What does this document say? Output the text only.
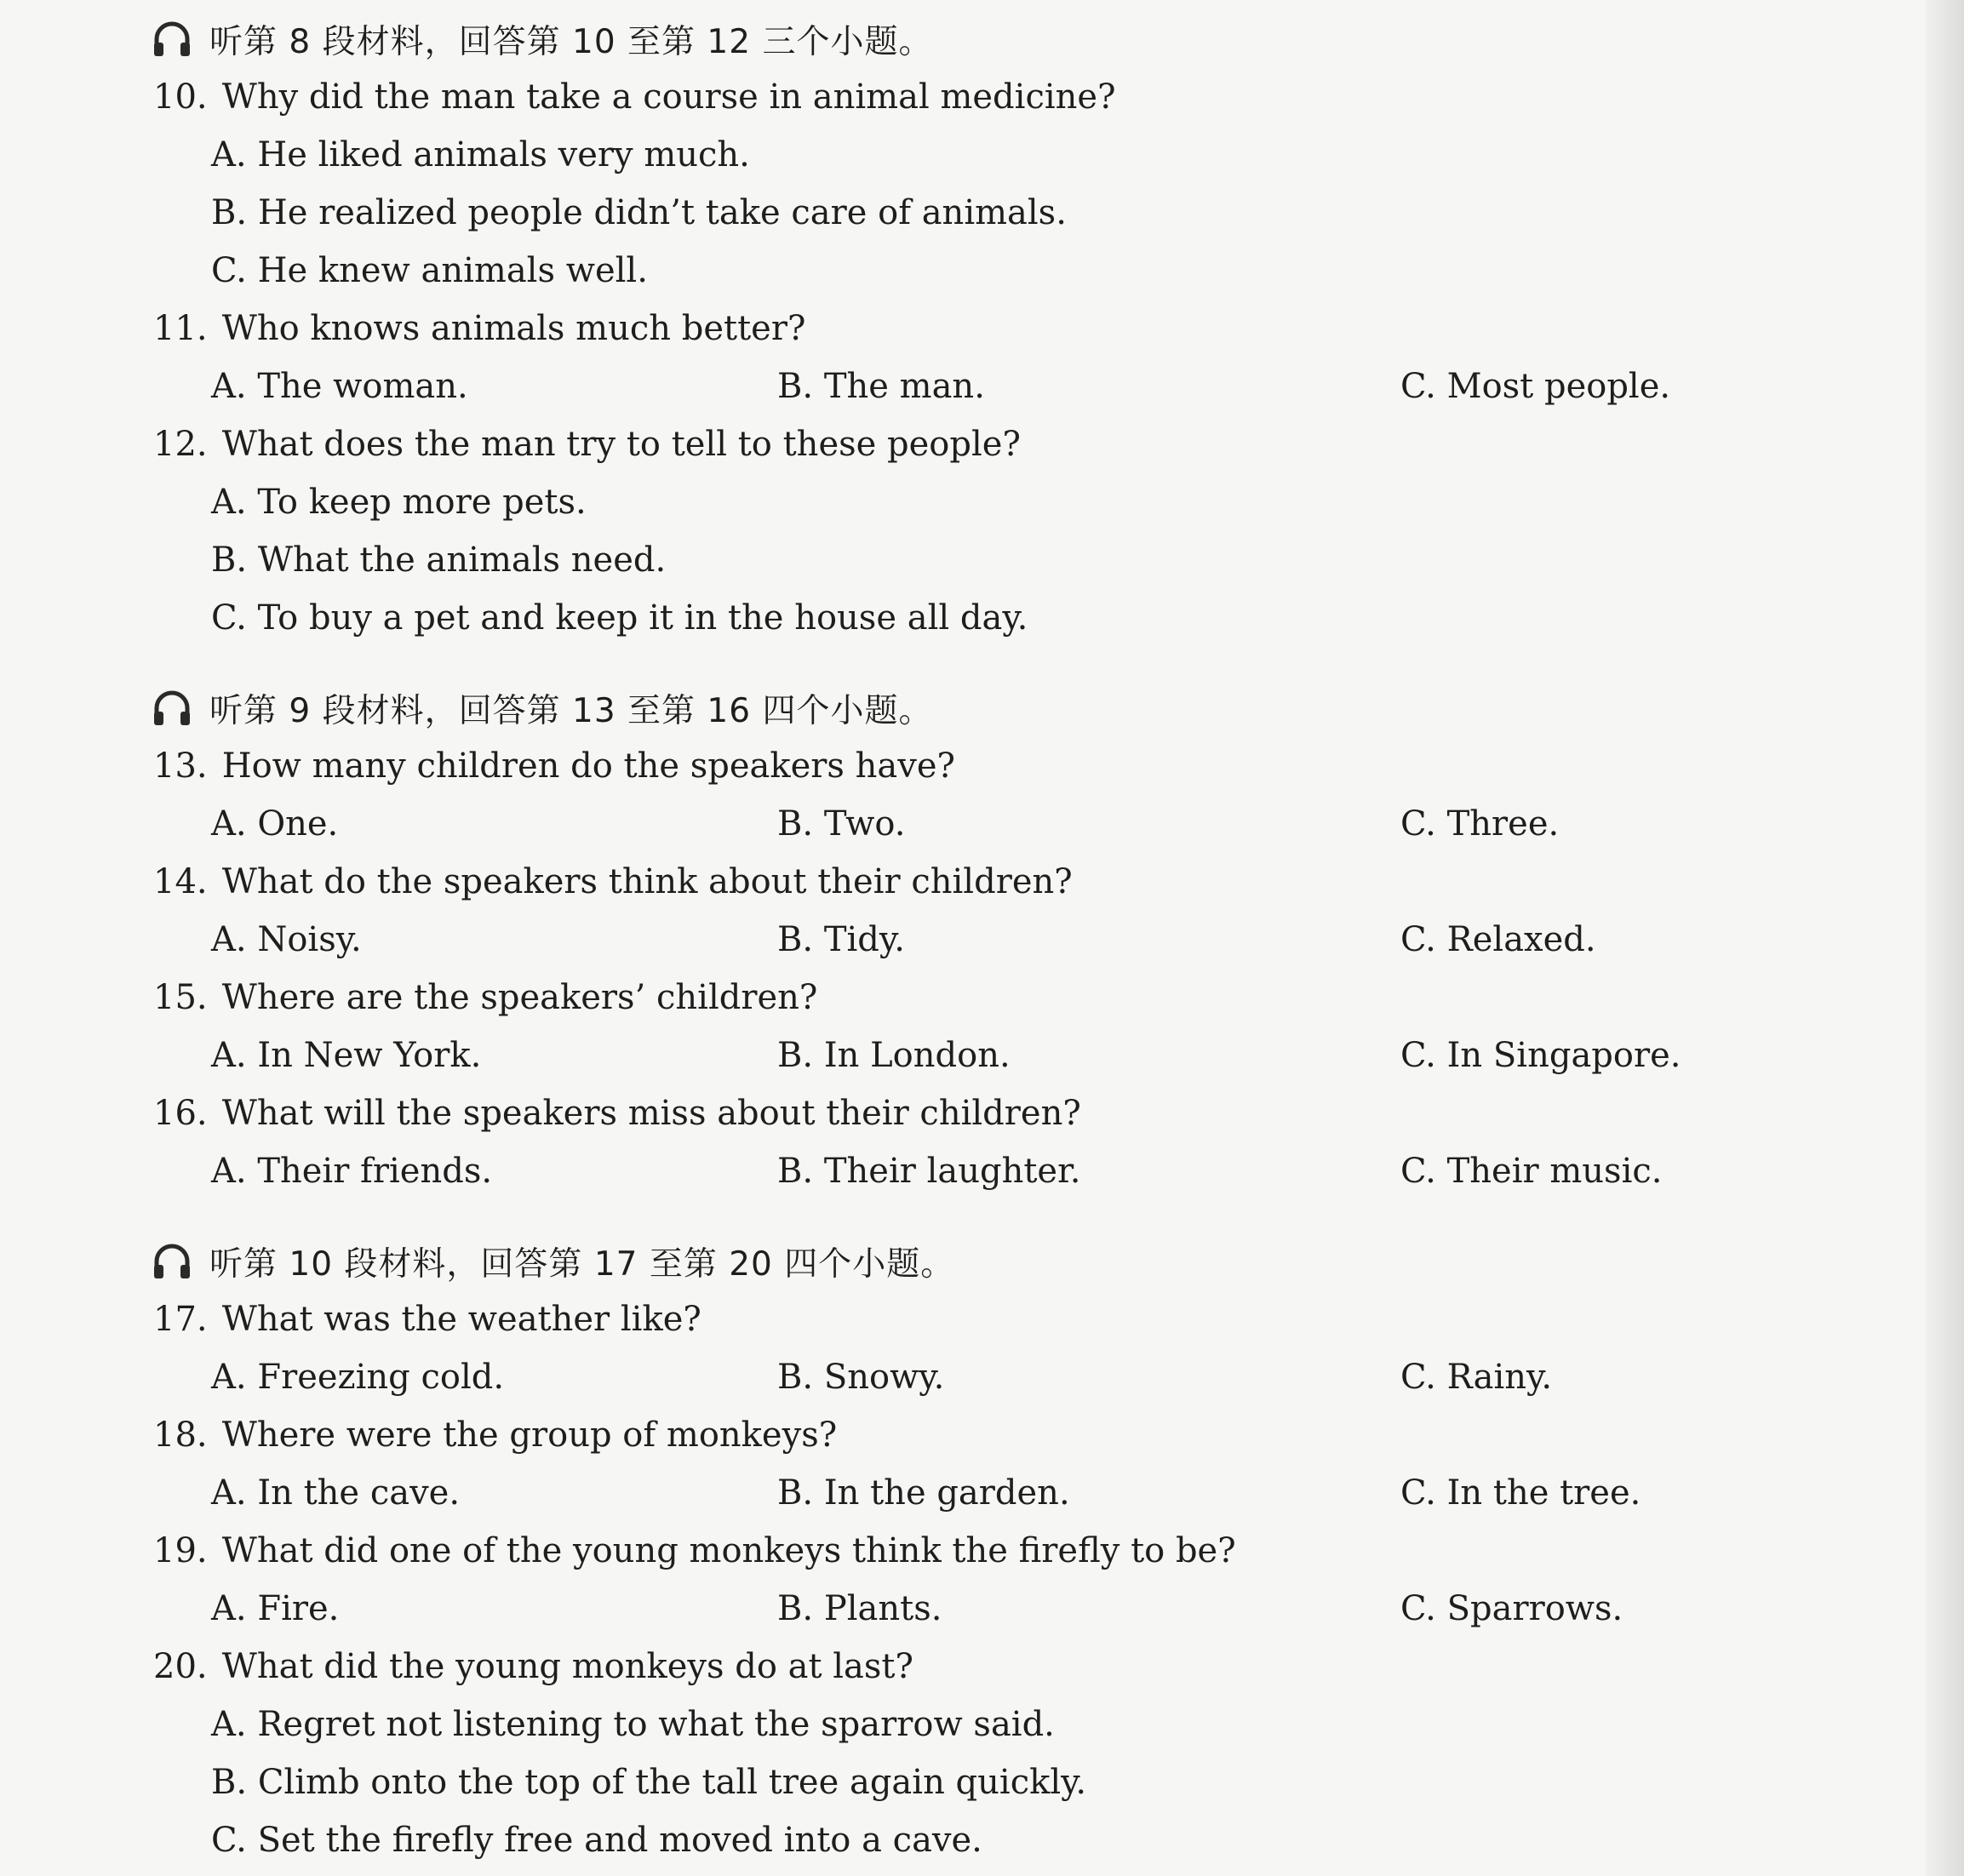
听第 8 段材料，回答第 10 至第 12 三个小题。
10. Why did the man take a course in animal medicine?
A. He liked animals very much.
B. He realized people didn’t take care of animals.
C. He knew animals well.
11. Who knows animals much better?
A. The woman.	B. The man.	C. Most people.
12. What does the man try to tell to these people?
A. To keep more pets.
B. What the animals need.
C. To buy a pet and keep it in the house all day.
听第 9 段材料，回答第 13 至第 16 四个小题。
13. How many children do the speakers have?
A. One.	B. Two.	C. Three.
14. What do the speakers think about their children?
A. Noisy.	B. Tidy.	C. Relaxed.
15. Where are the speakers’ children?
A. In New York.	B. In London.	C. In Singapore.
16. What will the speakers miss about their children?
A. Their friends.	B. Their laughter.	C. Their music.
听第 10 段材料，回答第 17 至第 20 四个小题。
17. What was the weather like?
A. Freezing cold.	B. Snowy.	C. Rainy.
18. Where were the group of monkeys?
A. In the cave.	B. In the garden.	C. In the tree.
19. What did one of the young monkeys think the firefly to be?
A. Fire.	B. Plants.	C. Sparrows.
20. What did the young monkeys do at last?
A. Regret not listening to what the sparrow said.
B. Climb onto the top of the tall tree again quickly.
C. Set the firefly free and moved into a cave.
